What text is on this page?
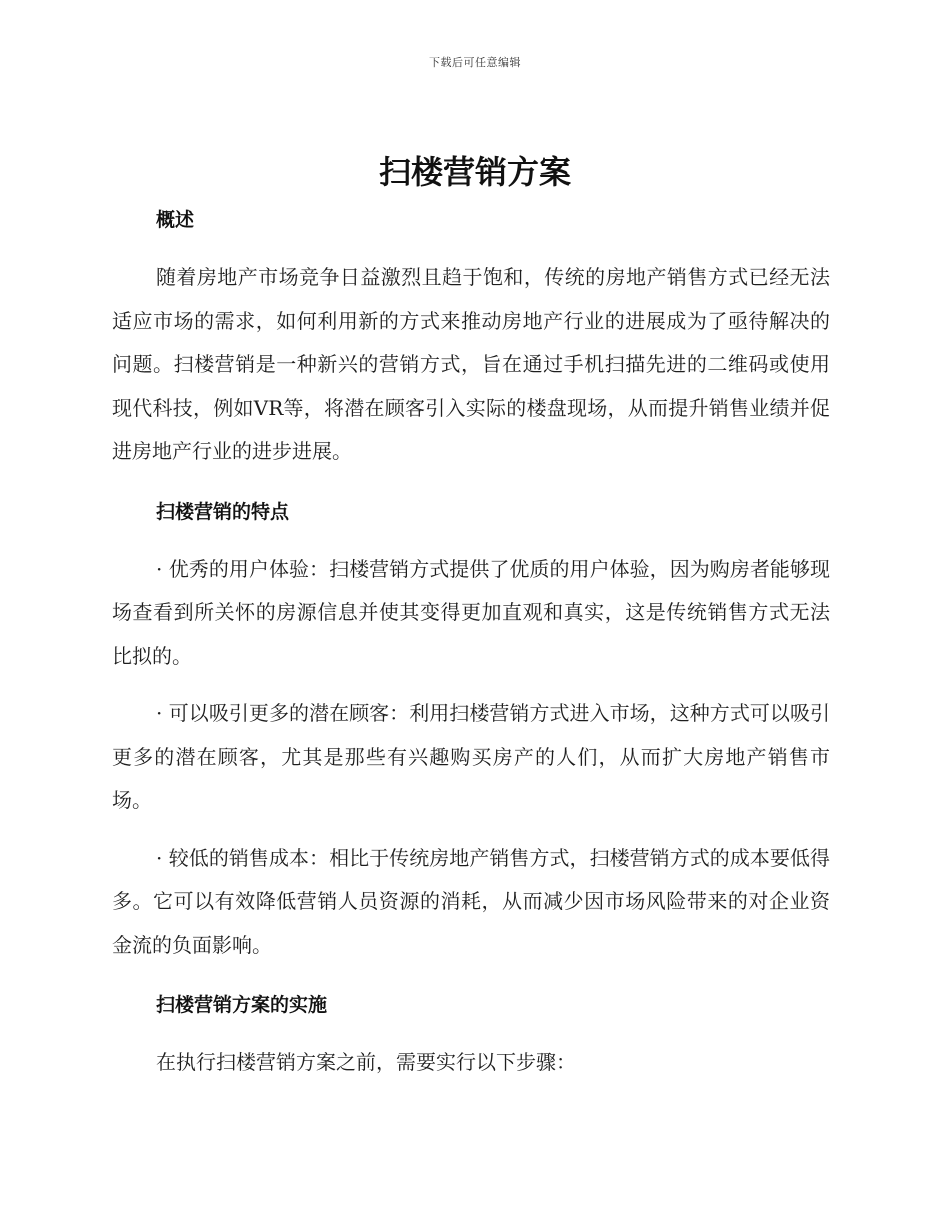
下载后可任意编辑
扫楼营销方案
概述

随着房地产市场竞争日益激烈且趋于饱和，传统的房地产销售方式已经无法适应市场的需求，如何利用新的方式来推动房地产行业的进展成为了亟待解决的问题。扫楼营销是一种新兴的营销方式，旨在通过手机扫描先进的二维码或使用现代科技，例如VR等，将潜在顾客引入实际的楼盘现场，从而提升销售业绩并促进房地产行业的进步进展。

扫楼营销的特点

· 优秀的用户体验：扫楼营销方式提供了优质的用户体验，因为购房者能够现场查看到所关怀的房源信息并使其变得更加直观和真实，这是传统销售方式无法比拟的。

· 可以吸引更多的潜在顾客：利用扫楼营销方式进入市场，这种方式可以吸引更多的潜在顾客，尤其是那些有兴趣购买房产的人们，从而扩大房地产销售市场。

· 较低的销售成本：相比于传统房地产销售方式，扫楼营销方式的成本要低得多。它可以有效降低营销人员资源的消耗，从而减少因市场风险带来的对企业资金流的负面影响。

扫楼营销方案的实施

在执行扫楼营销方案之前，需要实行以下步骤：
